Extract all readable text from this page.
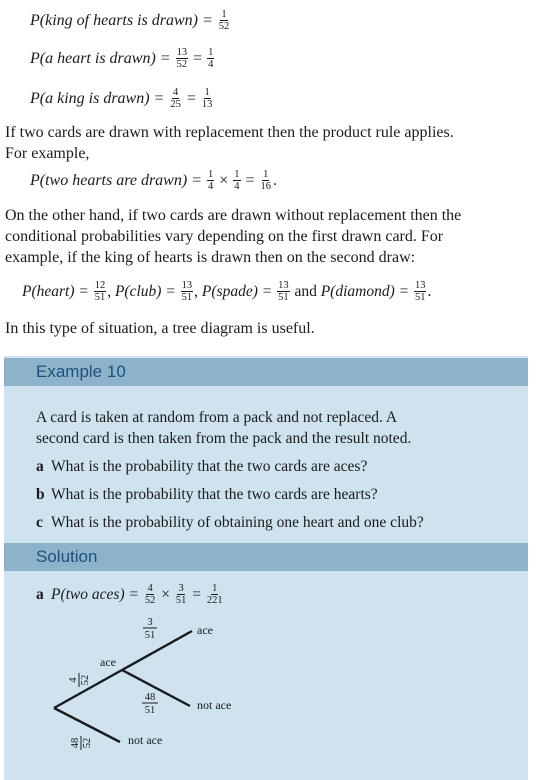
P(king of hearts is drawn) = $\frac{1}{52}$
P(a heart is drawn) = $\frac{13}{52} = \frac{1}{4}$
P(a king is drawn) = $\frac{4}{25} = \frac{1}{13}$
If two cards are drawn with replacement then the product rule applies.
For example,
P(two hearts are drawn) = $\frac{1}{4} \times \frac{1}{4} = \frac{1}{16}$ .
On the other hand, if two cards are drawn without replacement then the
conditional probabilities vary depending on the first drawn card. For
example, if the king of hearts is drawn then on the second draw:
P(heart) = $\frac{12}{51}$ , P(club) = $\frac{13}{51}$ , P(spade) = $\frac{13}{51}$ and P(diamond) = $\frac{13}{51}$ .
In this type of situation, a tree diagram is useful.
Example 10
A card is taken at random from a pack and not replaced. A
second card is then taken from the pack and the result noted.
a What is the probability that the two cards are aces?
b What is the probability that the two cards are hearts?
c What is the probability of obtaining one heart and one club?
Solution
a P(two aces) = $\frac{4}{52} \times \frac{3}{51} = \frac{1}{221}$
4 52
48 52
ace
not ace
3
51
48
51
ace
not ace
